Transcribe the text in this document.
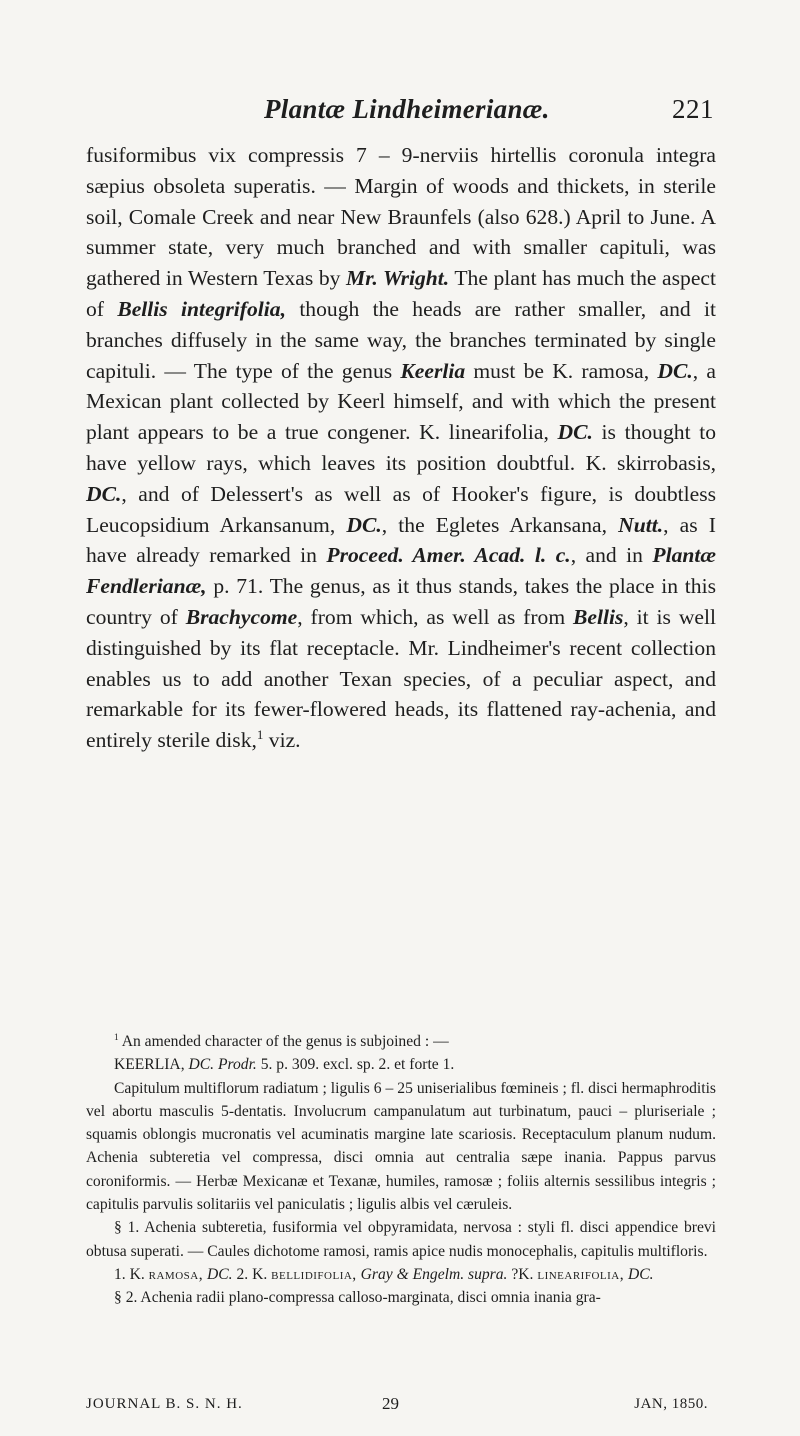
Plantæ Lindheimerianæ.	221

fusiformibus vix compressis 7 – 9-nerviis hirtellis coronula integra sæpius obsoleta superatis. — Margin of woods and thickets, in sterile soil, Comale Creek and near New Braunfels (also 628.) April to June. A summer state, very much branched and with smaller capituli, was gathered in Western Texas by Mr. Wright. The plant has much the aspect of Bellis integrifolia, though the heads are rather smaller, and it branches diffusely in the same way, the branches terminated by single capituli. — The type of the genus Keerlia must be K. ramosa, DC., a Mexican plant collected by Keerl himself, and with which the present plant appears to be a true congener. K. linearifolia, DC. is thought to have yellow rays, which leaves its position doubtful. K. skirrobasis, DC., and of Delessert's as well as of Hooker's figure, is doubtless Leucopsidium Arkansanum, DC., the Egletes Arkansana, Nutt., as I have already remarked in Proceed. Amer. Acad. l. c., and in Plantæ Fendlerianæ, p. 71. The genus, as it thus stands, takes the place in this country of Brachycome, from which, as well as from Bellis, it is well distinguished by its flat receptacle. Mr. Lindheimer's recent collection enables us to add another Texan species, of a peculiar aspect, and remarkable for its fewer-flowered heads, its flattened ray-achenia, and entirely sterile disk,$^1$ viz.

$^1$ An amended character of the genus is subjoined : —

KEERLIA, DC. Prodr. 5. p. 309. excl. sp. 2. et forte 1.

Capitulum multiflorum radiatum ; ligulis 6 – 25 uniserialibus fœmineis ; fl. disci hermaphroditis vel abortu masculis 5-dentatis. Involucrum campanulatum aut turbinatum, pauci – pluriseriale ; squamis oblongis mucronatis vel acuminatis margine late scariosis. Receptaculum planum nudum. Achenia subteretia vel compressa, disci omnia aut centralia sæpe inania. Pappus parvus coroniformis. — Herbæ Mexicanæ et Texanæ, humiles, ramosæ ; foliis alternis sessilibus integris ; capitulis parvulis solitariis vel paniculatis ; ligulis albis vel cæruleis.

§ 1. Achenia subteretia, fusiformia vel obpyramidata, nervosa : styli fl. disci appendice brevi obtusa superati. — Caules dichotome ramosi, ramis apice nudis monocephalis, capitulis multifloris.

1. K. ramosa, DC. 2. K. bellidifolia, Gray & Engelm. supra. ?K. linearifolia, DC.

§ 2. Achenia radii plano-compressa calloso-marginata, disci omnia inania gra-

JOURNAL B. S. N. H.	29	JAN, 1850.
